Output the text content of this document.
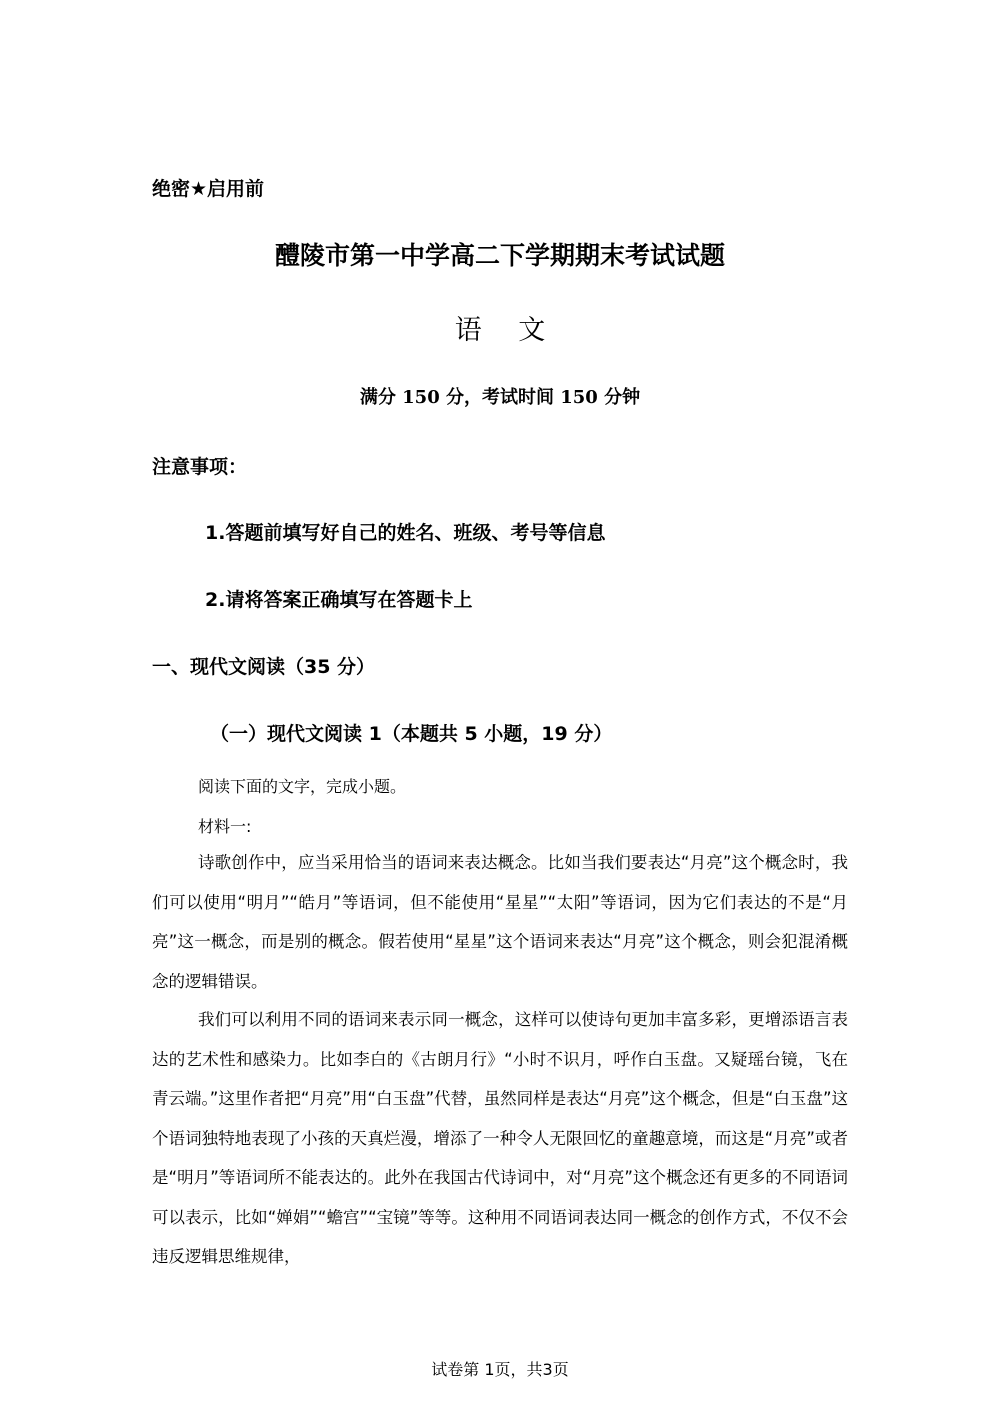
绝密★启用前
醴陵市第一中学高二下学期期末考试试题
语 文
满分 150 分，考试时间 150 分钟
注意事项：
1.答题前填写好自己的姓名、班级、考号等信息
2.请将答案正确填写在答题卡上
一、现代文阅读（35 分）
（一）现代文阅读 1（本题共 5 小题，19 分）
阅读下面的文字，完成小题。
材料一:

诗歌创作中，应当采用恰当的语词来表达概念。比如当我们要表达“月亮”这个概念时，我们可以使用“明月”“皓月”等语词，但不能使用“星星”“太阳”等语词，因为它们表达的不是“月亮”这一概念，而是别的概念。假若使用“星星”这个语词来表达“月亮”这个概念，则会犯混淆概念的逻辑错误。

我们可以利用不同的语词来表示同一概念，这样可以使诗句更加丰富多彩，更增添语言表达的艺术性和感染力。比如李白的《古朗月行》“小时不识月，呼作白玉盘。又疑瑶台镜，飞在青云端。”这里作者把“月亮”用“白玉盘”代替，虽然同样是表达“月亮”这个概念，但是“白玉盘”这个语词独特地表现了小孩的天真烂漫，增添了一种令人无限回忆的童趣意境，而这是“月亮”或者是“明月”等语词所不能表达的。此外在我国古代诗词中，对“月亮”这个概念还有更多的不同语词可以表示，比如“婵娟”“蟾宫”“宝镜”等等。这种用不同语词表达同一概念的创作方式，不仅不会违反逻辑思维规律，

试卷第 1页，共3页
